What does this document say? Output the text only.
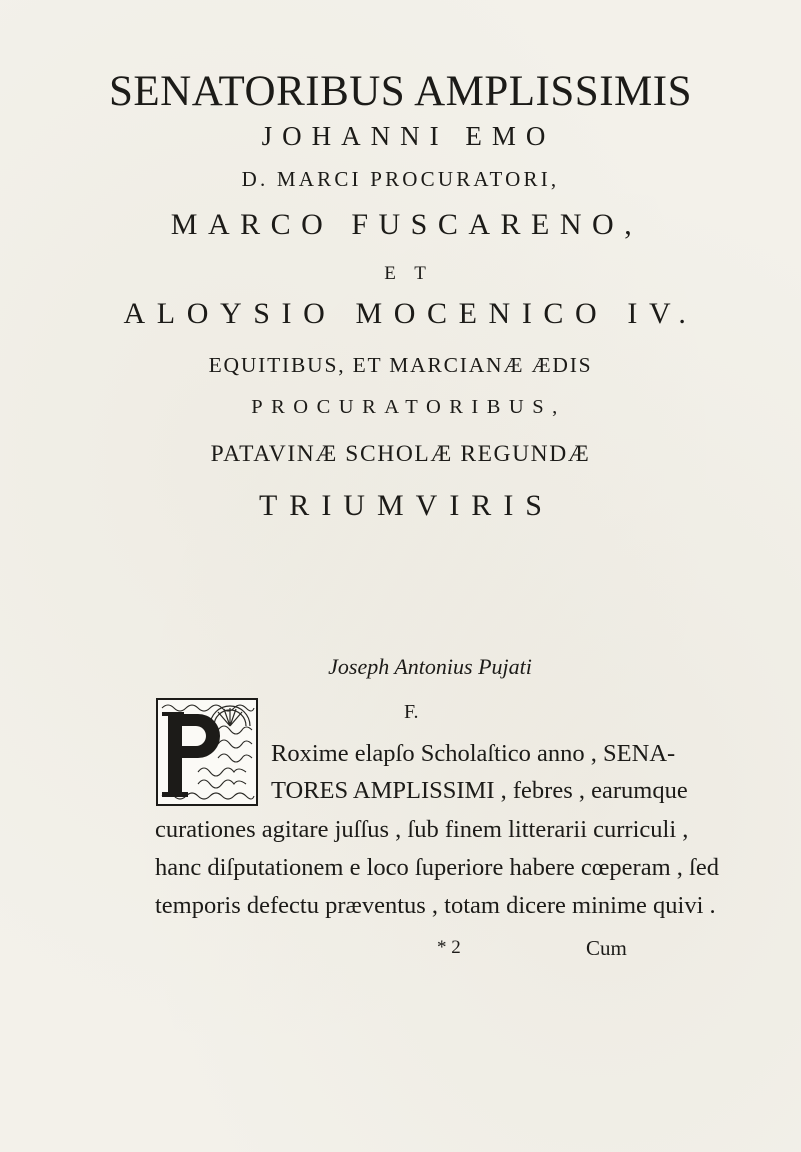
SENATORIBUS AMPLISSIMIS
JOHANNI EMO
D. MARCI PROCURATORI,
MARCO FUSCARENO,
E T
ALOYSIO MOCENICO IV.
EQUITIBUS, ET MARCIANÆ ÆDIS
PROCURATORIBUS,
PATAVINÆ SCHOLÆ REGUNDÆ
TRIUMVIRIS
Joseph Antonius Pujati
F.
Roxime elapſo Scholaſtico anno , SENA-
TORES AMPLISSIMI , febres , earumque
curationes agitare juſſus , ſub finem litterarii curriculi ,
hanc diſputationem e loco ſuperiore habere cœperam , ſed
temporis defectu præventus , totam dicere minime quivi .
* 2	Cum
